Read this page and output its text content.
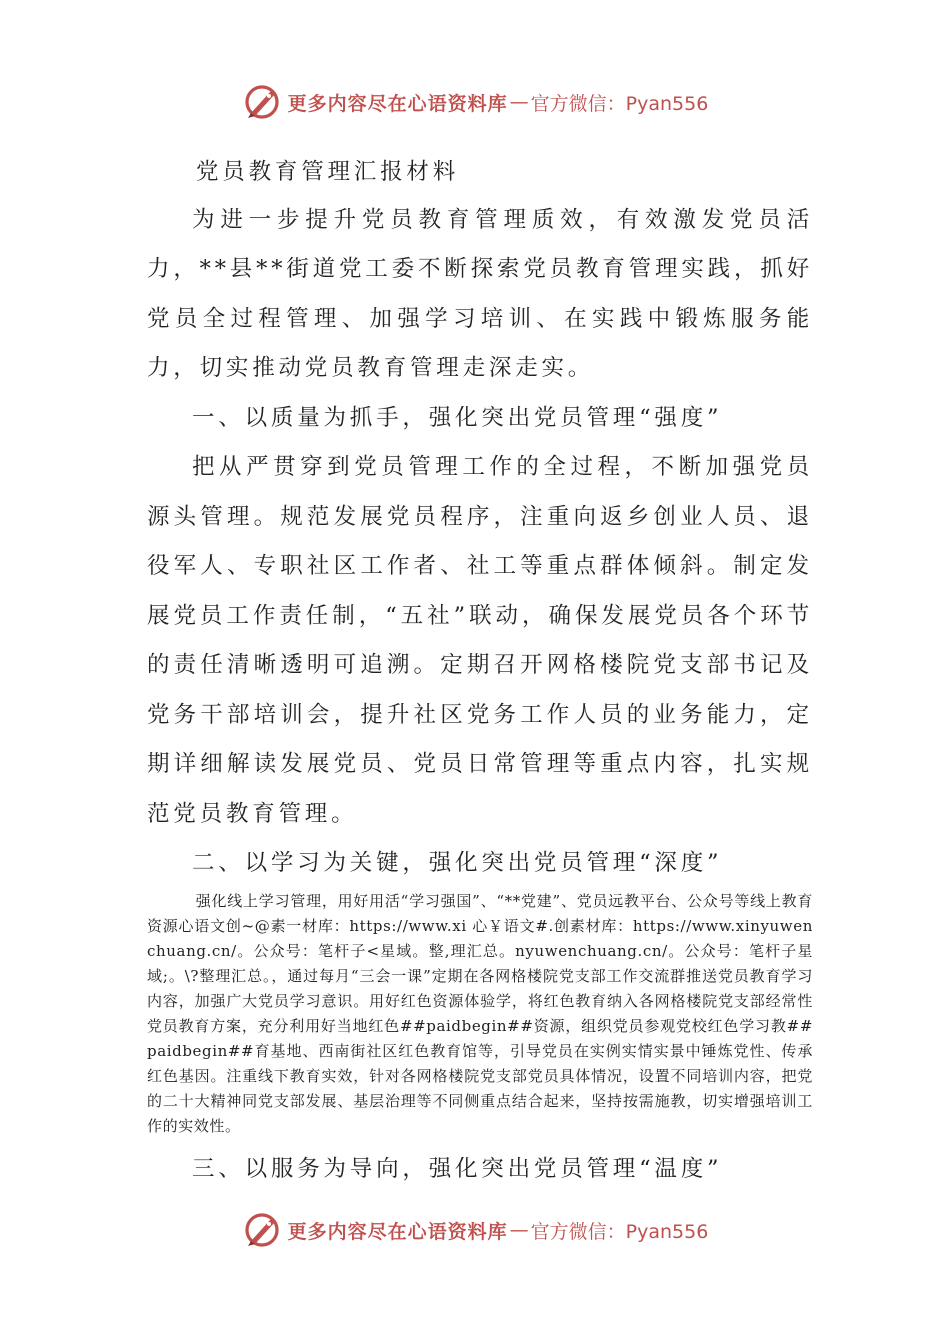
更多内容尽在心语资料库 — 官方微信：Pyan556

党员教育管理汇报材料

为进一步提升党员教育管理质效，有效激发党员活力，**县**街道党工委不断探索党员教育管理实践，抓好党员全过程管理、加强学习培训、在实践中锻炼服务能力，切实推动党员教育管理走深走实。

一、以质量为抓手，强化突出党员管理“强度”

把从严贯穿到党员管理工作的全过程，不断加强党员源头管理。规范发展党员程序，注重向返乡创业人员、退役军人、专职社区工作者、社工等重点群体倾斜。制定发展党员工作责任制，“五社”联动，确保发展党员各个环节的责任清晰透明可追溯。定期召开网格楼院党支部书记及党务干部培训会，提升社区党务工作人员的业务能力，定期详细解读发展党员、党员日常管理等重点内容，扎实规范党员教育管理。

二、以学习为关键，强化突出党员管理“深度”

强化线上学习管理，用好用活“学习强国”、“**党建”、党员远教平台、公众号等线上教育资源心语文创~@素一材库：https://www.xi 心￥语文#.创素材库：https://www.xinyuwenchuang.cn/。公众号：笔杆子<星域。整,理汇总。nyuwenchuang.cn/。公众号：笔杆子星域;。\?整理汇总。，通过每月“三会一课”定期在各网格楼院党支部工作交流群推送党员教育学习内容，加强广大党员学习意识。用好红色资源体验学，将红色教育纳入各网格楼院党支部经常性党员教育方案，充分利用好当地红色##paidbegin##资源，组织党员参观党校红色学习教##paidbegin##育基地、西南街社区红色教育馆等，引导党员在实例实情实景中锤炼党性、传承红色基因。注重线下教育实效，针对各网格楼院党支部党员具体情况，设置不同培训内容，把党的二十大精神同党支部发展、基层治理等不同侧重点结合起来，坚持按需施教，切实增强培训工作的实效性。

三、以服务为导向，强化突出党员管理“温度”

更多内容尽在心语资料库 — 官方微信：Pyan556
